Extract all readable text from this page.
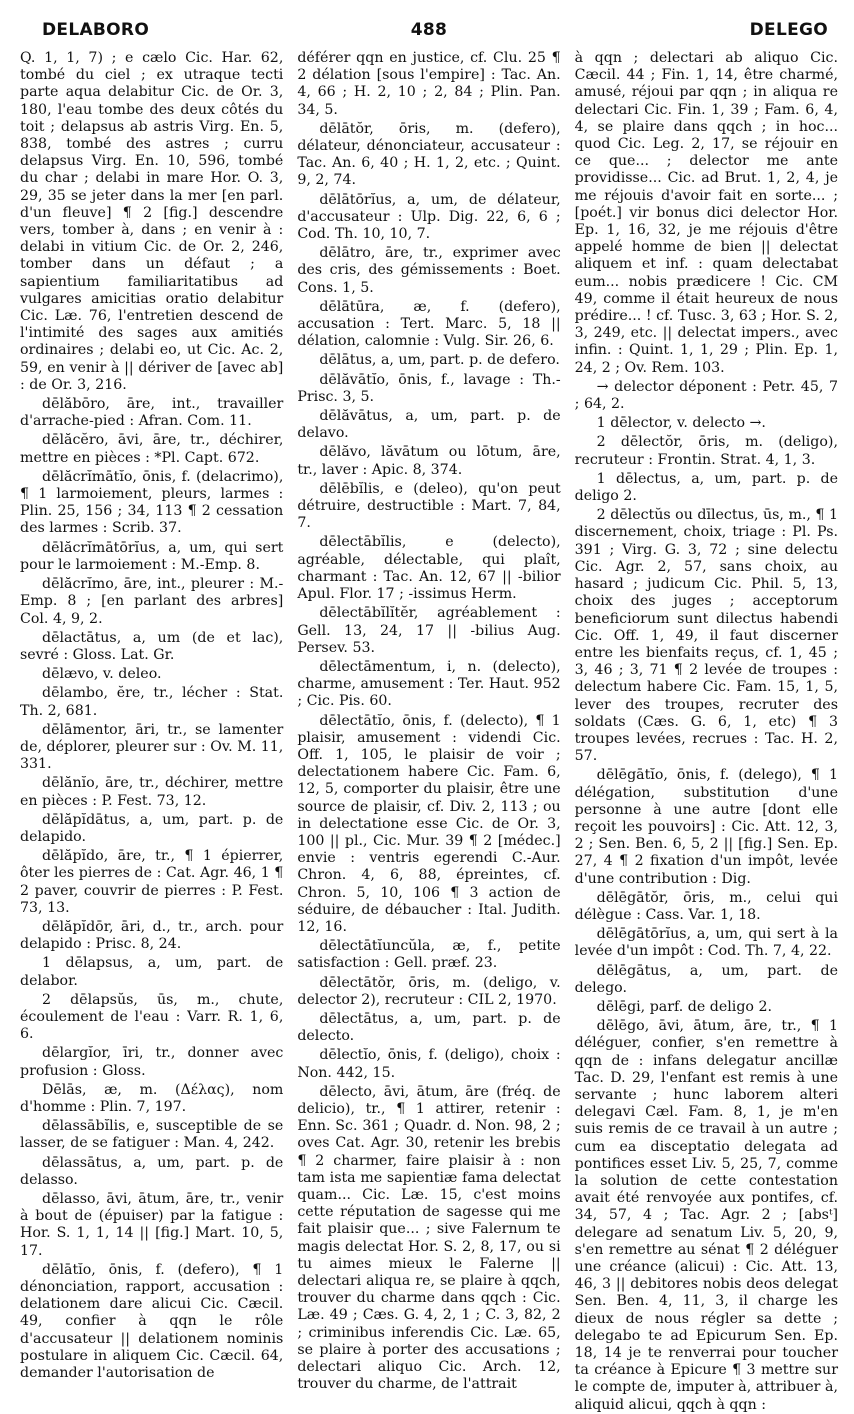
DELABORO	488	DELEGO

Q. 1, 1, 7) ; e cælo Cic. Har. 62, tombé du ciel ; ex utraque tecti parte aqua delabitur Cic. de Or. 3, 180, l'eau tombe des deux côtés du toit ; delapsus ab astris Virg. En. 5, 838, tombé des astres ; curru delapsus Virg. En. 10, 596, tombé du char ; delabi in mare Hor. O. 3, 29, 35 se jeter dans la mer [en parl. d'un fleuve] ¶ 2 [fig.] descendre vers, tomber à, dans ; en venir à : delabi in vitium Cic. de Or. 2, 246, tomber dans un défaut ; a sapientium familiaritatibus ad vulgares amicitias oratio delabitur Cic. Læ. 76, l'entretien descend de l'intimité des sages aux amitiés ordinaires ; delabi eo, ut Cic. Ac. 2, 59, en venir à || dériver de [avec ab] : de Or. 3, 216.

dēlăbōro, āre, int., travailler d'arrache-pied : Afran. Com. 11.

dēlăcĕro, āvi, āre, tr., déchirer, mettre en pièces : *Pl. Capt. 672.

dēlăcrĭmātĭo, ōnis, f. (delacrimo), ¶ 1 larmoiement, pleurs, larmes : Plin. 25, 156 ; 34, 113 ¶ 2 cessation des larmes : Scrib. 37.

dēlăcrĭmātōrĭus, a, um, qui sert pour le larmoiement : M.-Emp. 8.

dēlăcrĭmo, āre, int., pleurer : M.-Emp. 8 ; [en parlant des arbres] Col. 4, 9, 2.

dēlactātus, a, um (de et lac), sevré : Gloss. Lat. Gr.

dēlævo, v. deleo.

dēlambo, ĕre, tr., lécher : Stat. Th. 2, 681.

dēlāmentor, āri, tr., se lamenter de, déplorer, pleurer sur : Ov. M. 11, 331.

dēlănĭo, āre, tr., déchirer, mettre en pièces : P. Fest. 73, 12.

dēlăpĭdātus, a, um, part. p. de delapido.

dēlăpĭdo, āre, tr., ¶ 1 épierrer, ôter les pierres de : Cat. Agr. 46, 1 ¶ 2 paver, couvrir de pierres : P. Fest. 73, 13.

dēlăpĭdōr, āri, d., tr., arch. pour delapido : Prisc. 8, 24.

1 dēlapsus, a, um, part. de delabor.

2 dēlapsŭs, ūs, m., chute, écoulement de l'eau : Varr. R. 1, 6, 6.

dēlargĭor, īri, tr., donner avec profusion : Gloss.

Dēlās, æ, m. (Δέλας), nom d'homme : Plin. 7, 197.

dēlassābĭlis, e, susceptible de se lasser, de se fatiguer : Man. 4, 242.

dēlassātus, a, um, part. p. de delasso.

dēlasso, āvi, ātum, āre, tr., venir à bout de (épuiser) par la fatigue : Hor. S. 1, 1, 14 || [fig.] Mart. 10, 5, 17.

dēlātĭo, ōnis, f. (defero), ¶ 1 dénonciation, rapport, accusation : delationem dare alicui Cic. Cæcil. 49, confier à qqn le rôle d'accusateur || delationem nominis postulare in aliquem Cic. Cæcil. 64, demander l'autorisation de

déférer qqn en justice, cf. Clu. 25 ¶ 2 délation [sous l'empire] : Tac. An. 4, 66 ; H. 2, 10 ; 2, 84 ; Plin. Pan. 34, 5.

dēlātŏr, ōris, m. (defero), délateur, dénonciateur, accusateur : Tac. An. 6, 40 ; H. 1, 2, etc. ; Quint. 9, 2, 74.

dēlātōrĭus, a, um, de délateur, d'accusateur : Ulp. Dig. 22, 6, 6 ; Cod. Th. 10, 10, 7.

dēlātro, āre, tr., exprimer avec des cris, des gémissements : Boet. Cons. 1, 5.

dēlātūra, æ, f. (defero), accusation : Tert. Marc. 5, 18 || délation, calomnie : Vulg. Sir. 26, 6.

dēlātus, a, um, part. p. de defero.

dēlăvātĭo, ōnis, f., lavage : Th.-Prisc. 3, 5.

dēlăvātus, a, um, part. p. de delavo.

dēlăvo, lăvātum ou lōtum, āre, tr., laver : Apic. 8, 374.

dēlēbĭlis, e (deleo), qu'on peut détruire, destructible : Mart. 7, 84, 7.

dēlectābĭlis, e (delecto), agréable, délectable, qui plaît, charmant : Tac. An. 12, 67 || -bilior Apul. Flor. 17 ; -issimus Herm.

dēlectābĭlĭtĕr, agréablement : Gell. 13, 24, 17 || -bilius Aug. Persev. 53.

dēlectāmentum, i, n. (delecto), charme, amusement : Ter. Haut. 952 ; Cic. Pis. 60.

dēlectātĭo, ōnis, f. (delecto), ¶ 1 plaisir, amusement : videndi Cic. Off. 1, 105, le plaisir de voir ; delectationem habere Cic. Fam. 6, 12, 5, comporter du plaisir, être une source de plaisir, cf. Div. 2, 113 ; ou in delectatione esse Cic. de Or. 3, 100 || pl., Cic. Mur. 39 ¶ 2 [médec.] envie : ventris egerendi C.-Aur. Chron. 4, 6, 88, épreintes, cf. Chron. 5, 10, 106 ¶ 3 action de séduire, de débaucher : Ital. Judith. 12, 16.

dēlectātĭuncŭla, æ, f., petite satisfaction : Gell. præf. 23.

dēlectātŏr, ōris, m. (deligo, v. delector 2), recruteur : CIL 2, 1970.

dēlectātus, a, um, part. p. de delecto.

dēlectĭo, ōnis, f. (deligo), choix : Non. 442, 15.

dēlecto, āvi, ātum, āre (fréq. de delicio), tr., ¶ 1 attirer, retenir : Enn. Sc. 361 ; Quadr. d. Non. 98, 2 ; oves Cat. Agr. 30, retenir les brebis ¶ 2 charmer, faire plaisir à : non tam ista me sapientiæ fama delectat quam... Cic. Læ. 15, c'est moins cette réputation de sagesse qui me fait plaisir que... ; sive Falernum te magis delectat Hor. S. 2, 8, 17, ou si tu aimes mieux le Falerne || delectari aliqua re, se plaire à qqch, trouver du charme dans qqch : Cic. Læ. 49 ; Cæs. G. 4, 2, 1 ; C. 3, 82, 2 ; criminibus inferendis Cic. Læ. 65, se plaire à porter des accusations ; delectari aliquo Cic. Arch. 12, trouver du charme, de l'attrait

à qqn ; delectari ab aliquo Cic. Cæcil. 44 ; Fin. 1, 14, être charmé, amusé, réjoui par qqn ; in aliqua re delectari Cic. Fin. 1, 39 ; Fam. 6, 4, 4, se plaire dans qqch ; in hoc... quod Cic. Leg. 2, 17, se réjouir en ce que... ; delector me ante providisse... Cic. ad Brut. 1, 2, 4, je me réjouis d'avoir fait en sorte... ; [poét.] vir bonus dici delector Hor. Ep. 1, 16, 32, je me réjouis d'être appelé homme de bien || delectat aliquem et inf. : quam delectabat eum... nobis prædicere ! Cic. CM 49, comme il était heureux de nous prédire... ! cf. Tusc. 3, 63 ; Hor. S. 2, 3, 249, etc. || delectat impers., avec infin. : Quint. 1, 1, 29 ; Plin. Ep. 1, 24, 2 ; Ov. Rem. 103.

→ delector déponent : Petr. 45, 7 ; 64, 2.

1 dēlector, v. delecto →.

2 dēlectŏr, ōris, m. (deligo), recruteur : Frontin. Strat. 4, 1, 3.

1 dēlectus, a, um, part. p. de deligo 2.

2 dēlectŭs ou dīlectus, ūs, m., ¶ 1 discernement, choix, triage : Pl. Ps. 391 ; Virg. G. 3, 72 ; sine delectu Cic. Agr. 2, 57, sans choix, au hasard ; judicum Cic. Phil. 5, 13, choix des juges ; acceptorum beneficiorum sunt dilectus habendi Cic. Off. 1, 49, il faut discerner entre les bienfaits reçus, cf. 1, 45 ; 3, 46 ; 3, 71 ¶ 2 levée de troupes : delectum habere Cic. Fam. 15, 1, 5, lever des troupes, recruter des soldats (Cæs. G. 6, 1, etc) ¶ 3 troupes levées, recrues : Tac. H. 2, 57.

dēlēgātĭo, ōnis, f. (delego), ¶ 1 délégation, substitution d'une personne à une autre [dont elle reçoit les pouvoirs] : Cic. Att. 12, 3, 2 ; Sen. Ben. 6, 5, 2 || [fig.] Sen. Ep. 27, 4 ¶ 2 fixation d'un impôt, levée d'une contribution : Dig.

dēlēgātŏr, ōris, m., celui qui délègue : Cass. Var. 1, 18.

dēlēgātōrĭus, a, um, qui sert à la levée d'un impôt : Cod. Th. 7, 4, 22.

dēlēgātus, a, um, part. de delego.

dēlēgi, parf. de deligo 2.

dēlēgo, āvi, ātum, āre, tr., ¶ 1 déléguer, confier, s'en remettre à qqn de : infans delegatur ancillæ Tac. D. 29, l'enfant est remis à une servante ; hunc laborem alteri delegavi Cæl. Fam. 8, 1, je m'en suis remis de ce travail à un autre ; cum ea disceptatio delegata ad pontifices esset Liv. 5, 25, 7, comme la solution de cette contestation avait été renvoyée aux pontifes, cf. 34, 57, 4 ; Tac. Agr. 2 ; [absᵗ] delegare ad senatum Liv. 5, 20, 9, s'en remettre au sénat ¶ 2 déléguer une créance (alicui) : Cic. Att. 13, 46, 3 || debitores nobis deos delegat Sen. Ben. 4, 11, 3, il charge les dieux de nous régler sa dette ; delegabo te ad Epicurum Sen. Ep. 18, 14 je te renverrai pour toucher ta créance à Epicure ¶ 3 mettre sur le compte de, imputer à, attribuer à, aliquid alicui, qqch à qqn :
